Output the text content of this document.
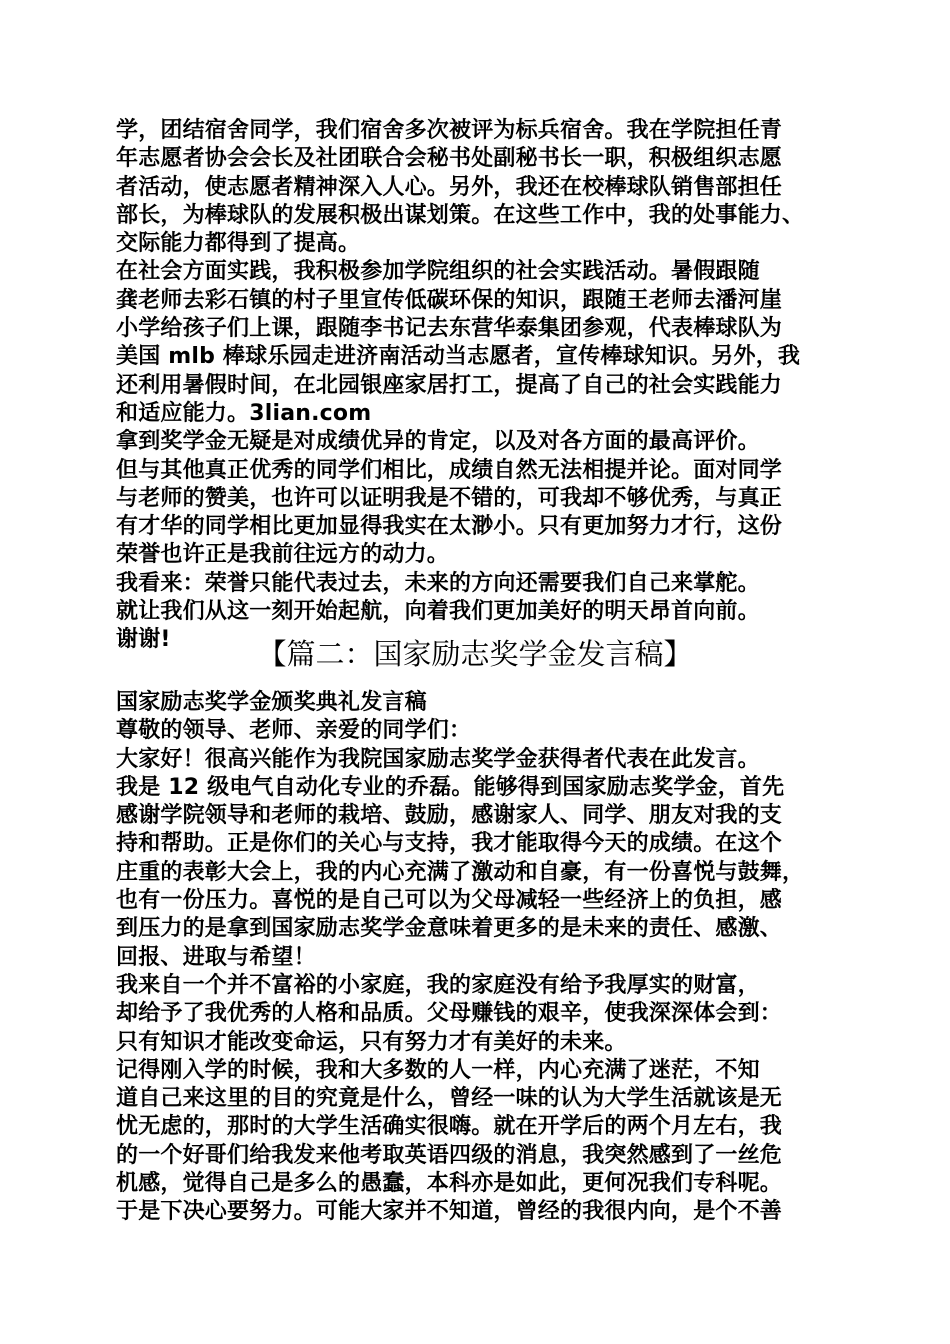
学，团结宿舍同学，我们宿舍多次被评为标兵宿舍。我在学院担任青
年志愿者协会会长及社团联合会秘书处副秘书长一职，积极组织志愿
者活动，使志愿者精神深入人心。另外，我还在校棒球队销售部担任
部长，为棒球队的发展积极出谋划策。在这些工作中，我的处事能力、
交际能力都得到了提高。
在社会方面实践，我积极参加学院组织的社会实践活动。暑假跟随
龚老师去彩石镇的村子里宣传低碳环保的知识，跟随王老师去潘河崖
小学给孩子们上课，跟随李书记去东营华泰集团参观，代表棒球队为
美国 mlb 棒球乐园走进济南活动当志愿者，宣传棒球知识。另外，我
还利用暑假时间，在北园银座家居打工，提高了自己的社会实践能力
和适应能力。3lian.com
拿到奖学金无疑是对成绩优异的肯定，以及对各方面的最高评价。
但与其他真正优秀的同学们相比，成绩自然无法相提并论。面对同学
与老师的赞美，也许可以证明我是不错的，可我却不够优秀，与真正
有才华的同学相比更加显得我实在太渺小。只有更加努力才行，这份
荣誉也许正是我前往远方的动力。
我看来：荣誉只能代表过去，未来的方向还需要我们自己来掌舵。
就让我们从这一刻开始起航，向着我们更加美好的明天昂首向前。
谢谢!	【篇二：国家励志奖学金发言稿】
国家励志奖学金颁奖典礼发言稿
尊敬的领导、老师、亲爱的同学们：
大家好！很高兴能作为我院国家励志奖学金获得者代表在此发言。
我是 12 级电气自动化专业的乔磊。能够得到国家励志奖学金，首先
感谢学院领导和老师的栽培、鼓励，感谢家人、同学、朋友对我的支
持和帮助。正是你们的关心与支持，我才能取得今天的成绩。在这个
庄重的表彰大会上，我的内心充满了激动和自豪，有一份喜悦与鼓舞，
也有一份压力。喜悦的是自己可以为父母减轻一些经济上的负担，感
到压力的是拿到国家励志奖学金意味着更多的是未来的责任、感激、
回报、进取与希望！
我来自一个并不富裕的小家庭，我的家庭没有给予我厚实的财富，
却给予了我优秀的人格和品质。父母赚钱的艰辛，使我深深体会到：
只有知识才能改变命运，只有努力才有美好的未来。
记得刚入学的时候，我和大多数的人一样，内心充满了迷茫，不知
道自己来这里的目的究竟是什么，曾经一味的认为大学生活就该是无
忧无虑的，那时的大学生活确实很嗨。就在开学后的两个月左右，我
的一个好哥们给我发来他考取英语四级的消息，我突然感到了一丝危
机感，觉得自己是多么的愚蠢，本科亦是如此，更何况我们专科呢。
于是下决心要努力。可能大家并不知道，曾经的我很内向，是个不善
